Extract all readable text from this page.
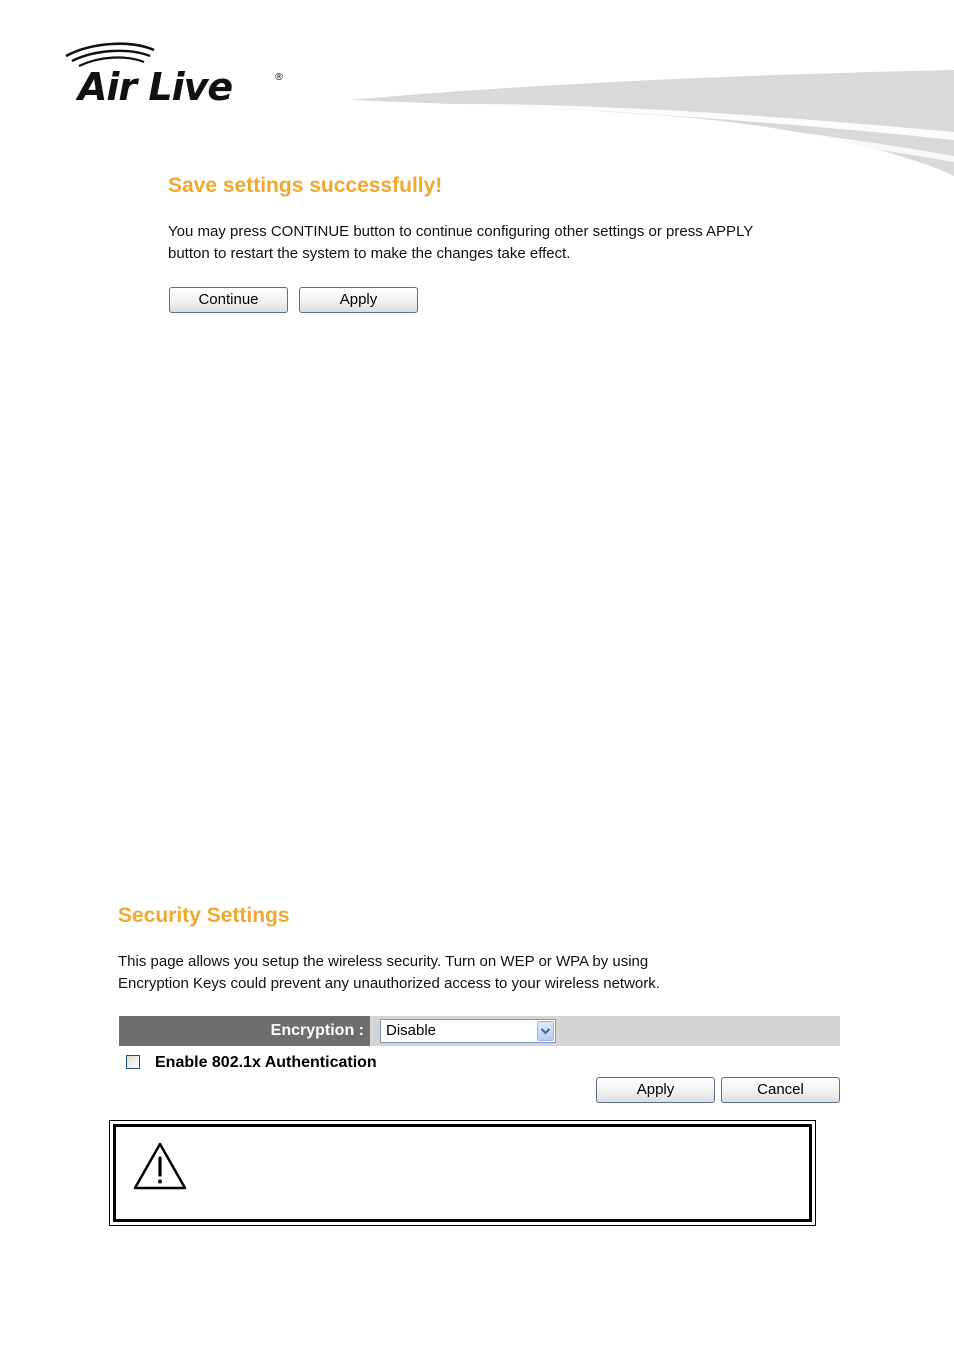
Air Live	®
Save settings successfully!

You may press CONTINUE button to continue configuring other settings or press APPLY

button to restart the system to make the changes take effect.

Continue	Apply
Security Settings

This page allows you setup the wireless security. Turn on WEP or WPA by using

Encryption Keys could prevent any unauthorized access to your wireless network.

Encryption : Disable
Enable 802.1x Authentication
Apply	Cancel
